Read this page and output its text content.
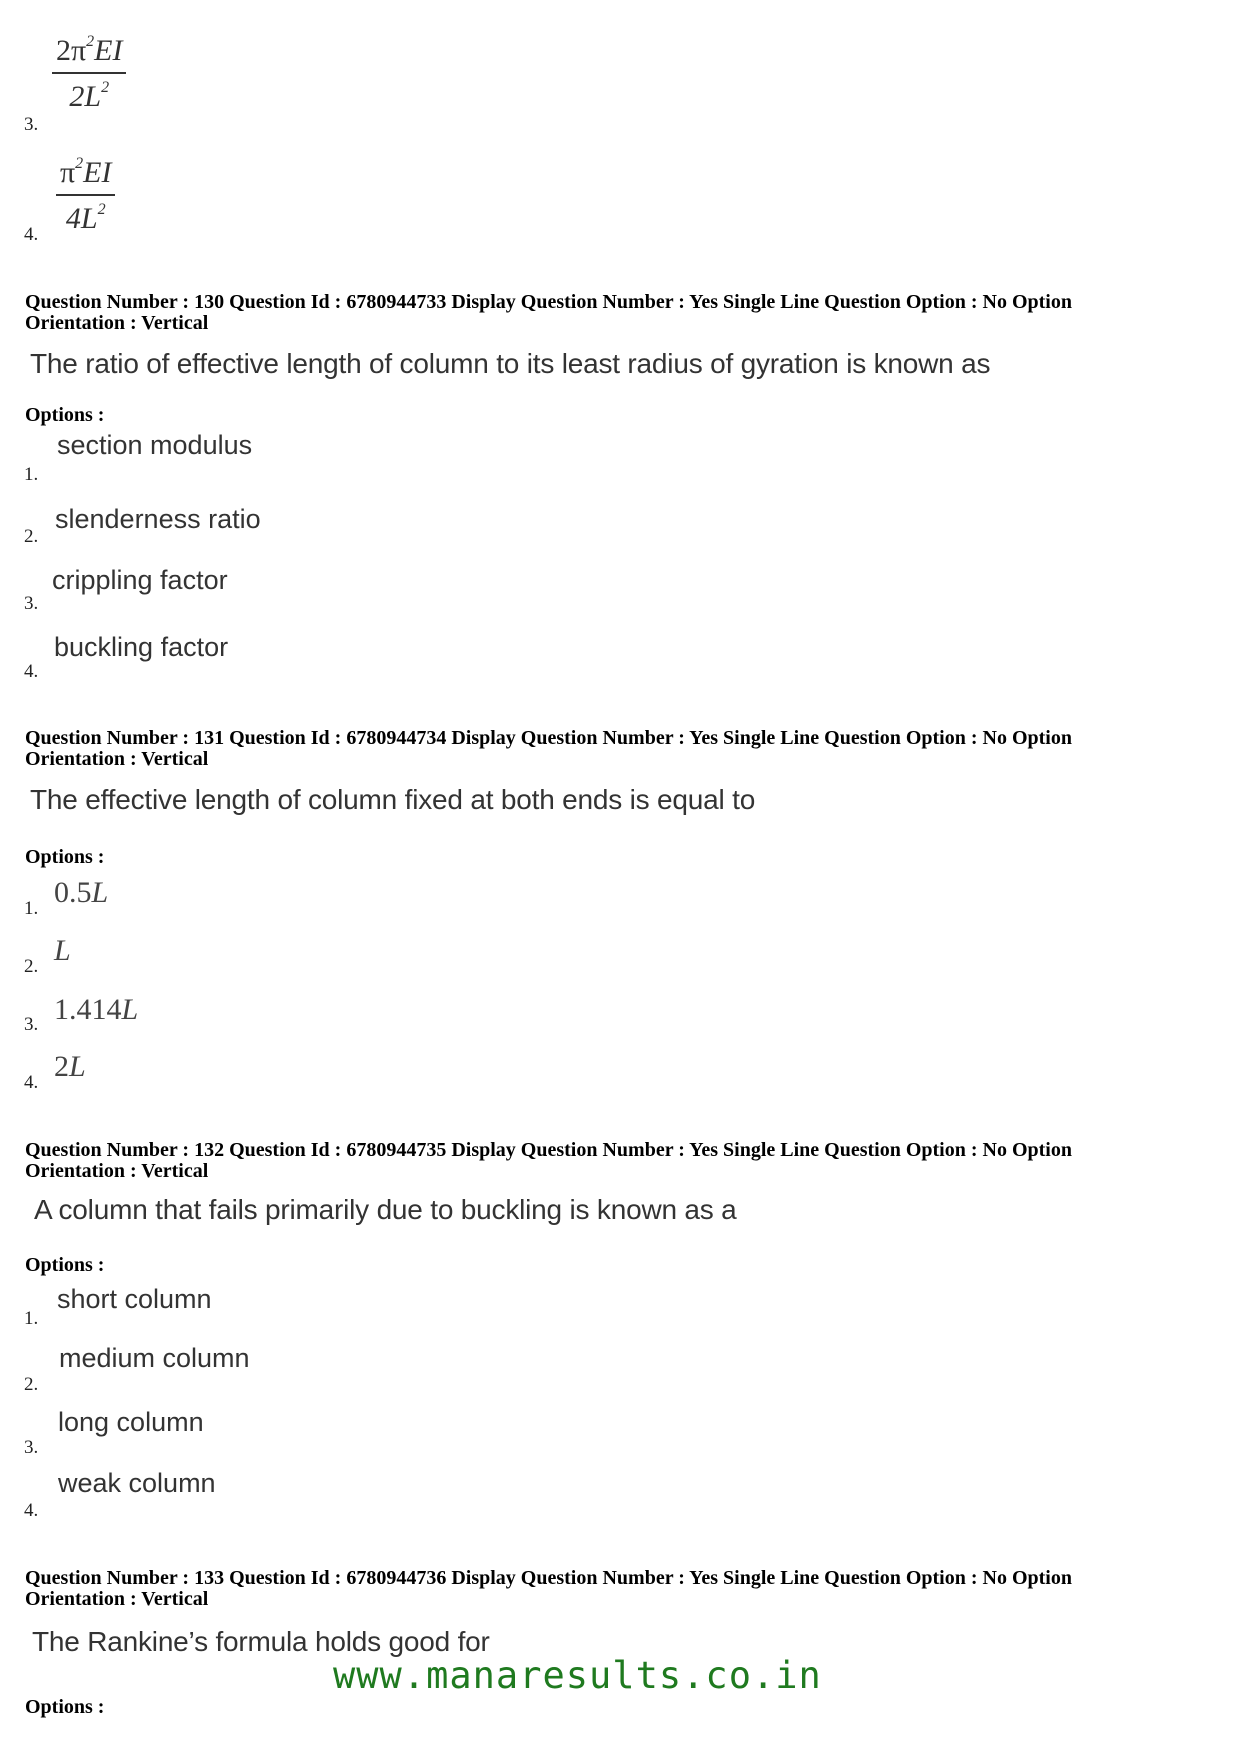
3.
$2\pi^2EI$
$2L^2$
4.
$\pi^2EI$
$4L^2$
Question Number : 130 Question Id : 6780944733 Display Question Number : Yes Single Line Question Option : No Option
Orientation : Vertical
The ratio of effective length of column to its least radius of gyration is known as
Options :
1.
section modulus
2.
slenderness ratio
3.
crippling factor
4.
buckling factor
Question Number : 131 Question Id : 6780944734 Display Question Number : Yes Single Line Question Option : No Option
Orientation : Vertical
The effective length of column fixed at both ends is equal to
Options :
1. 0.5L
2. L
3. 1.414L
4. 2L
Question Number : 132 Question Id : 6780944735 Display Question Number : Yes Single Line Question Option : No Option
Orientation : Vertical
A column that fails primarily due to buckling is known as a
Options :
1.
short column
2.
medium column
3.
long column
4.
weak column
Question Number : 133 Question Id : 6780944736 Display Question Number : Yes Single Line Question Option : No Option
Orientation : Vertical
The Rankine’s formula holds good for
Options :
www.manaresults.co.in
